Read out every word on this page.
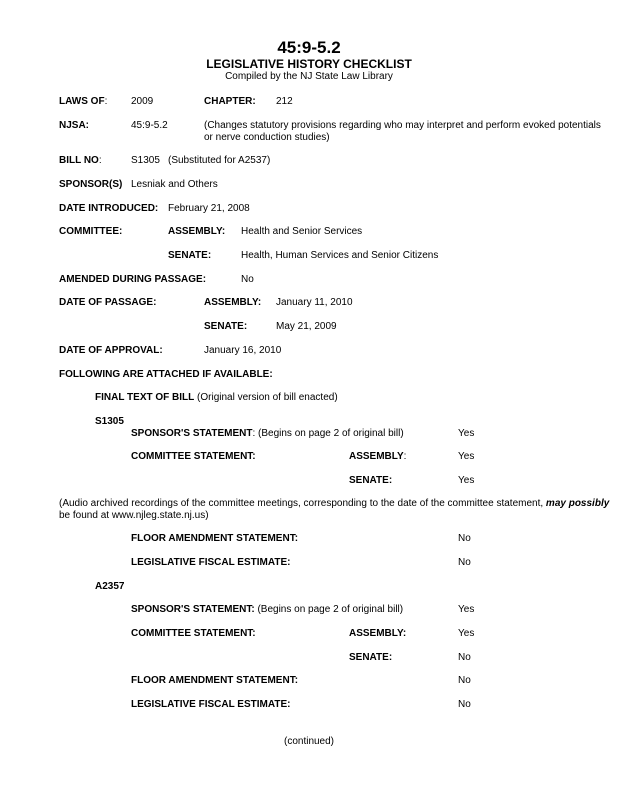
45:9-5.2
LEGISLATIVE HISTORY CHECKLIST
Compiled by the NJ State Law Library
LAWS OF: 2009	CHAPTER: 212
NJSA:	45:9-5.2	(Changes statutory provisions regarding who may interpret and perform evoked potentials
or nerve conduction studies)
BILL NO:	S1305 (Substituted for A2537)
SPONSOR(S) Lesniak and Others
DATE INTRODUCED: February 21, 2008
COMMITTEE:	ASSEMBLY: Health and Senior Services
SENATE:	Health, Human Services and Senior Citizens
AMENDED DURING PASSAGE:	No
DATE OF PASSAGE:	ASSEMBLY: January 11, 2010
SENATE:	May 21, 2009
DATE OF APPROVAL:	January 16, 2010
FOLLOWING ARE ATTACHED IF AVAILABLE:
FINAL TEXT OF BILL (Original version of bill enacted)
S1305
SPONSOR'S STATEMENT: (Begins on page 2 of original bill)	Yes
COMMITTEE STATEMENT:	ASSEMBLY:	Yes
SENATE:	Yes
(Audio archived recordings of the committee meetings, corresponding to the date of the committee statement, may possibly
be found at www.njleg.state.nj.us)
FLOOR AMENDMENT STATEMENT:	No
LEGISLATIVE FISCAL ESTIMATE:	No
A2357
SPONSOR'S STATEMENT: (Begins on page 2 of original bill)	Yes
COMMITTEE STATEMENT:	ASSEMBLY:	Yes
SENATE:	No
FLOOR AMENDMENT STATEMENT:	No
LEGISLATIVE FISCAL ESTIMATE:	No
(continued)
